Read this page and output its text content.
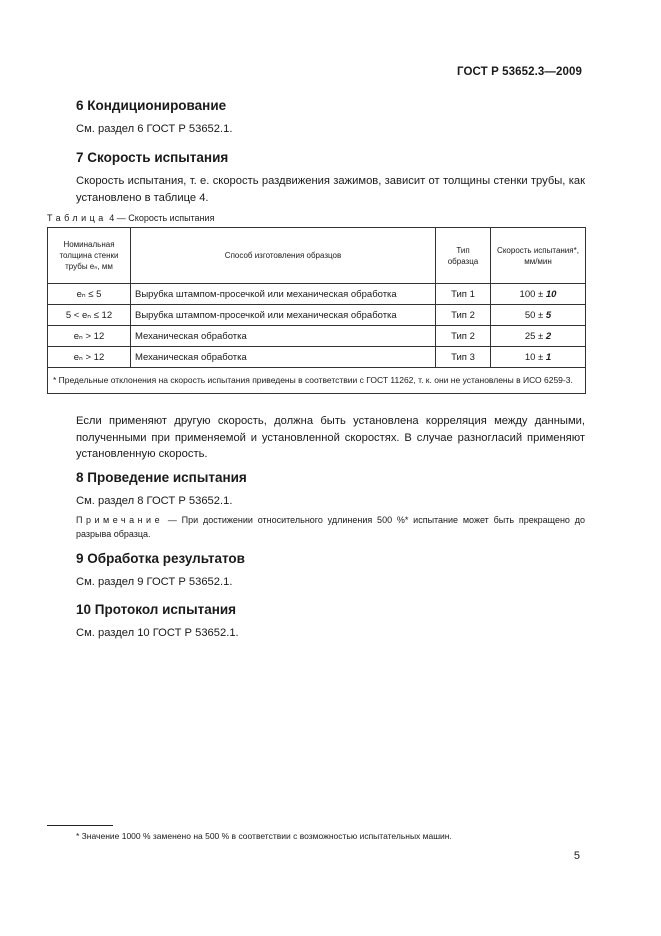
ГОСТ Р 53652.3—2009
6 Кондиционирование
См. раздел 6 ГОСТ Р 53652.1.
7 Скорость испытания
Скорость испытания, т. е. скорость раздвижения зажимов, зависит от толщины стенки трубы, как установлено в таблице 4.
Таблица 4 — Скорость испытания
Номинальная толщина стенки трубы eₙ, мм	Способ изготовления образцов	Тип образца	Скорость испытания*, мм/мин
eₙ ≤ 5	Вырубка штампом-просечкой или механическая обработка	Тип 1	100 ± 10
5 < eₙ ≤ 12	Вырубка штампом-просечкой или механическая обработка	Тип 2	50 ± 5
eₙ > 12	Механическая обработка	Тип 2	25 ± 2
eₙ > 12	Механическая обработка	Тип 3	10 ± 1
* Предельные отклонения на скорость испытания приведены в соответствии с ГОСТ 11262, т. к. они не установлены в ИСО 6259-3.			
Если применяют другую скорость, должна быть установлена корреляция между данными, полученными при применяемой и установленной скоростях. В случае разногласий применяют установленную скорость.
8 Проведение испытания
См. раздел 8 ГОСТ Р 53652.1.
Примечание — При достижении относительного удлинения 500 %* испытание может быть прекращено до разрыва образца.
9 Обработка результатов
См. раздел 9 ГОСТ Р 53652.1.
10 Протокол испытания
См. раздел 10 ГОСТ Р 53652.1.
* Значение 1000 % заменено на 500 % в соответствии с возможностью испытательных машин.
5
